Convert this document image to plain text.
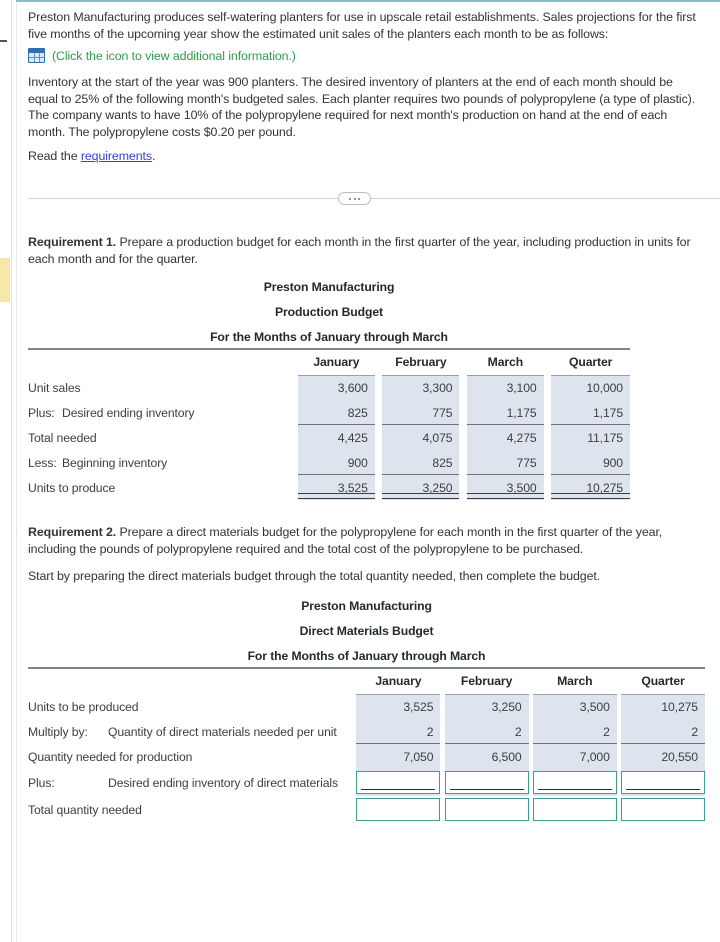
Preston Manufacturing produces self-watering planters for use in upscale retail establishments. Sales projections for the first five months of the upcoming year show the estimated unit sales of the planters each month to be as follows:

(Click the icon to view additional information.)

Inventory at the start of the year was 900 planters. The desired inventory of planters at the end of each month should be equal to 25% of the following month's budgeted sales. Each planter requires two pounds of polypropylene (a type of plastic). The company wants to have 10% of the polypropylene required for next month's production on hand at the end of each month. The polypropylene costs $0.20 per pound.

Read the requirements.

Requirement 1. Prepare a production budget for each month in the first quarter of the year, including production in units for each month and for the quarter.
Preston Manufacturing
Production Budget
For the Months of January through March
		January		February		March		Quarter
Unit sales		3,600		3,300		3,100		10,000
Plus: Desired ending inventory		825		775		1,175		1,175
Total needed		4,425		4,075		4,275		11,175
Less: Beginning inventory		900		825		775		900
Units to produce		3,525		3,250		3,500		10,275
Requirement 2. Prepare a direct materials budget for the polypropylene for each month in the first quarter of the year, including the pounds of polypropylene required and the total cost of the polypropylene to be purchased.
Start by preparing the direct materials budget through the total quantity needed, then complete the budget.
Preston Manufacturing
Direct Materials Budget
For the Months of January through March
		January		February		March		Quarter
Units to be produced		3,525		3,250		3,500		10,275
Multiply by: Quantity of direct materials needed per unit		2		2		2		2
Quantity needed for production		7,050		6,500		7,000		20,550
Plus: Desired ending inventory of direct materials		

Total quantity needed		
